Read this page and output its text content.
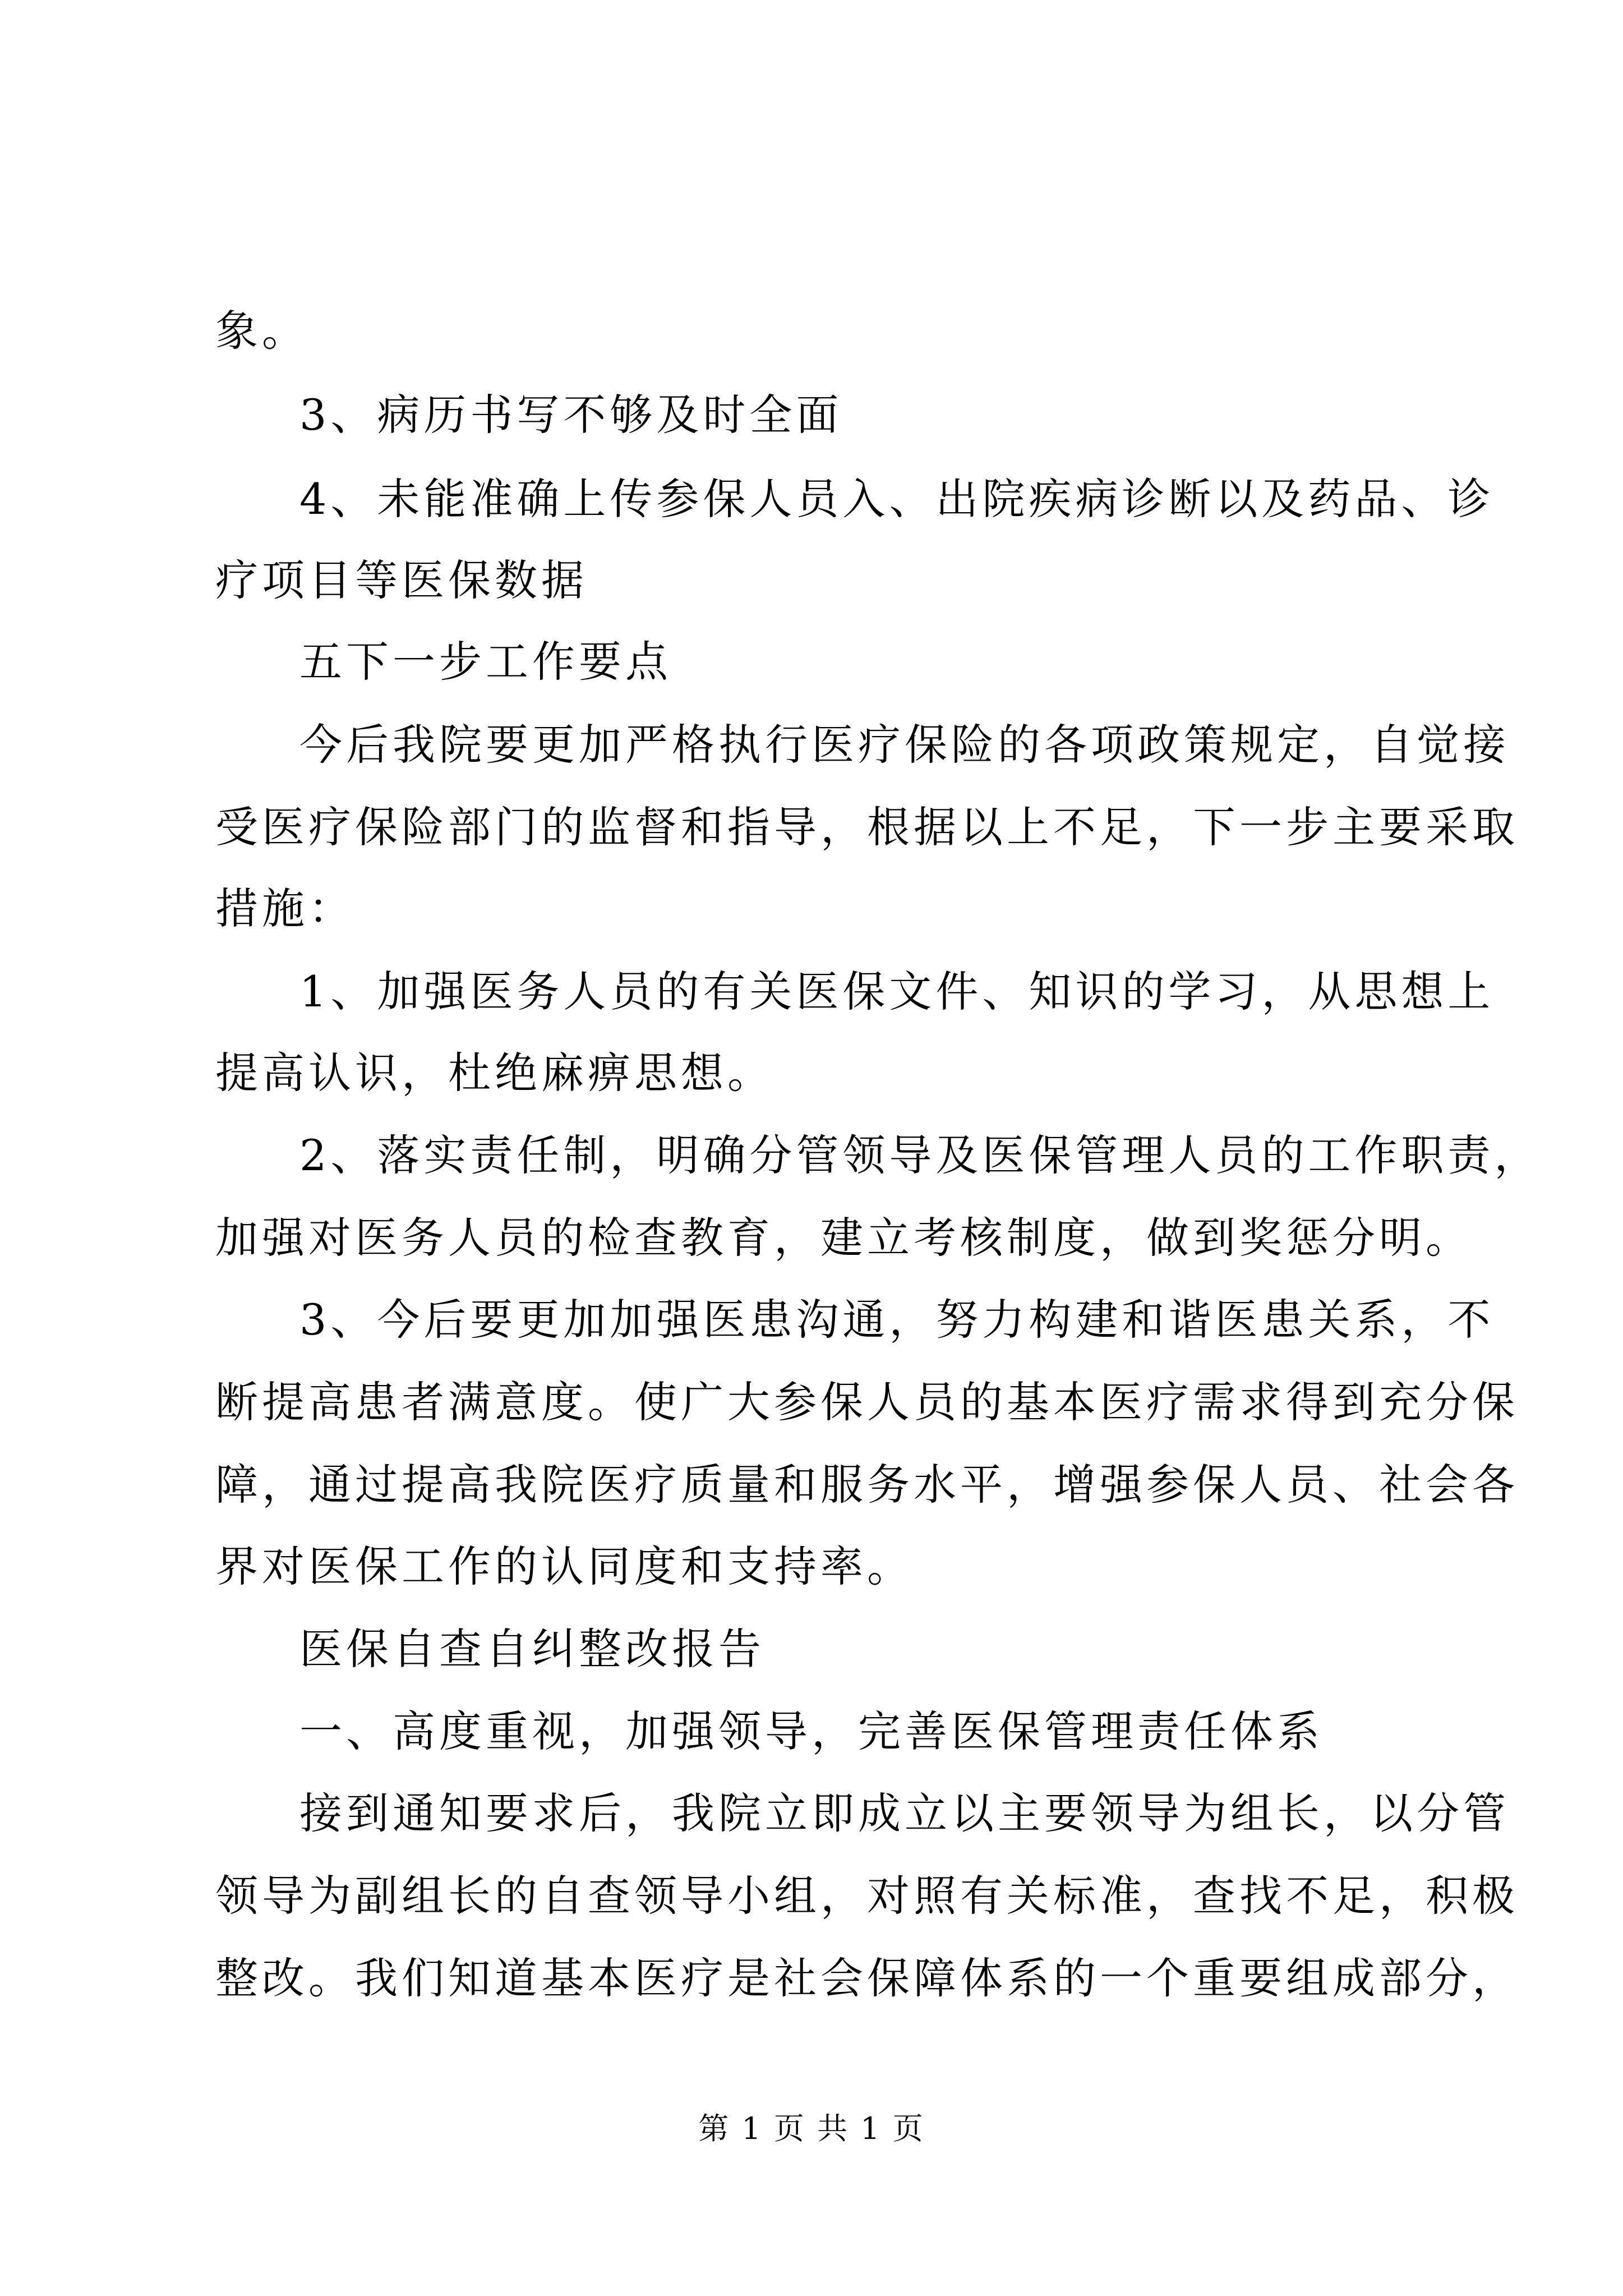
象。

3、病历书写不够及时全面

4、未能准确上传参保人员入、出院疾病诊断以及药品、诊

疗项目等医保数据

五下一步工作要点

今后我院要更加严格执行医疗保险的各项政策规定，自觉接

受医疗保险部门的监督和指导，根据以上不足，下一步主要采取

措施：

1、加强医务人员的有关医保文件、知识的学习，从思想上

提高认识，杜绝麻痹思想。

2、落实责任制，明确分管领导及医保管理人员的工作职责，

加强对医务人员的检查教育，建立考核制度，做到奖惩分明。

3、今后要更加加强医患沟通，努力构建和谐医患关系，不

断提高患者满意度。使广大参保人员的基本医疗需求得到充分保

障，通过提高我院医疗质量和服务水平，增强参保人员、社会各

界对医保工作的认同度和支持率。

医保自查自纠整改报告

一、高度重视，加强领导，完善医保管理责任体系

接到通知要求后，我院立即成立以主要领导为组长，以分管

领导为副组长的自查领导小组，对照有关标准，查找不足，积极

整改。我们知道基本医疗是社会保障体系的一个重要组成部分，

第 1 页 共 1 页
